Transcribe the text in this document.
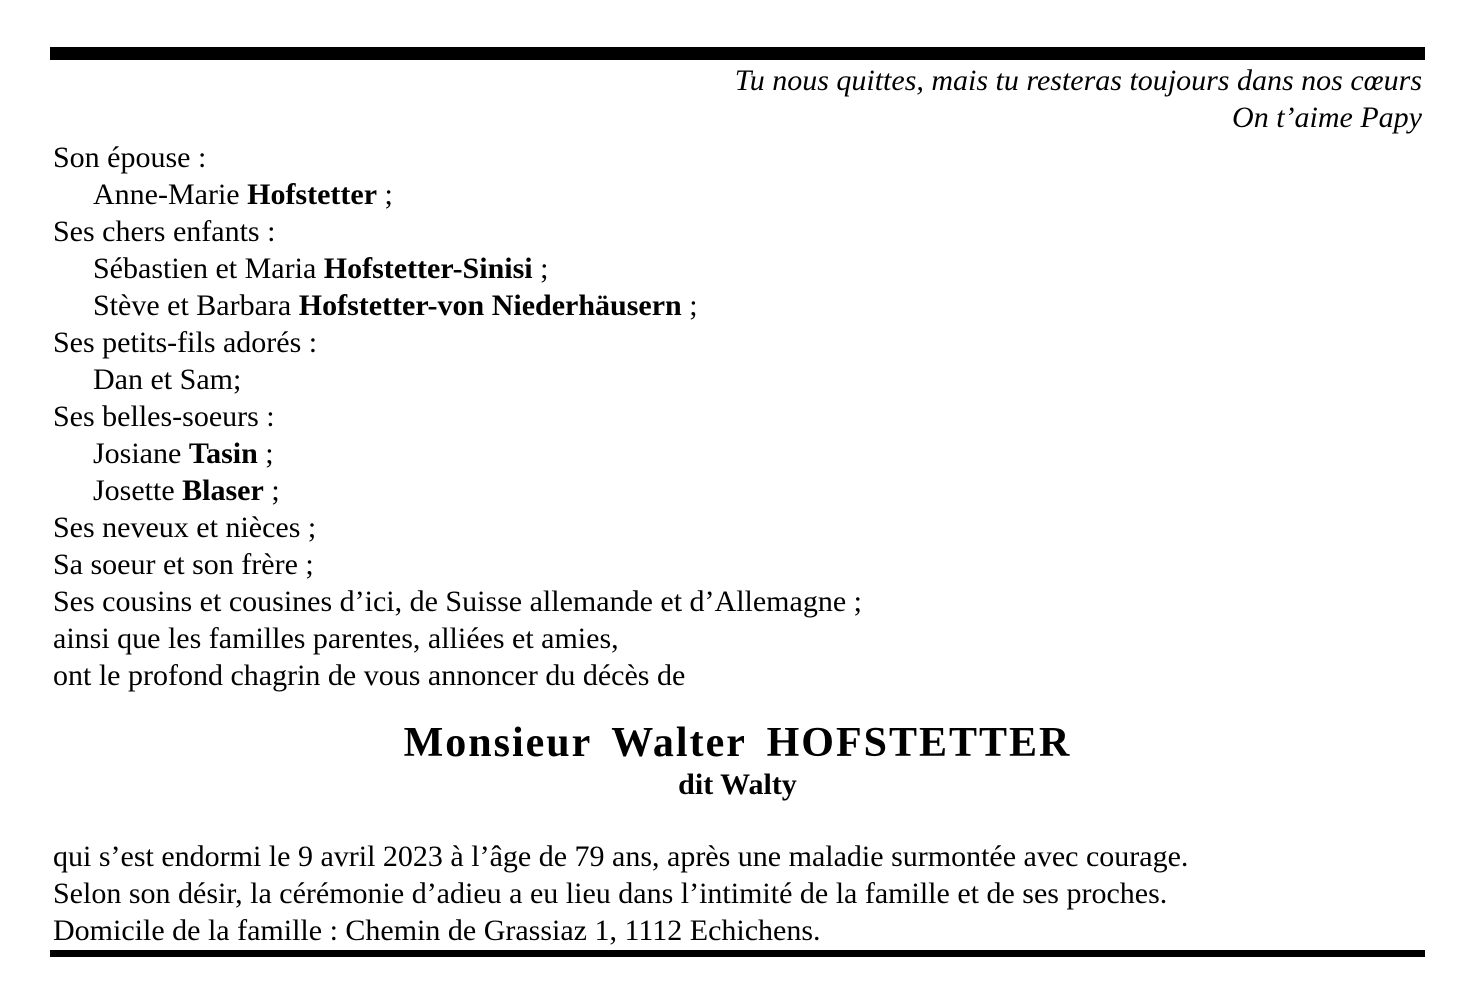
Tu nous quittes, mais tu resteras toujours dans nos cœurs
On t’aime Papy
Son épouse :
Anne-Marie Hofstetter ;
Ses chers enfants :
Sébastien et Maria Hofstetter-Sinisi ;
Stève et Barbara Hofstetter-von Niederhäusern ;
Ses petits-fils adorés :
Dan et Sam;
Ses belles-soeurs :
Josiane Tasin ;
Josette Blaser ;
Ses neveux et nièces ;
Sa soeur et son frère ;
Ses cousins et cousines d’ici, de Suisse allemande et d’Allemagne ;
ainsi que les familles parentes, alliées et amies,
ont le profond chagrin de vous annoncer du décès de
Monsieur Walter HOFSTETTER
dit Walty
qui s’est endormi le 9 avril 2023 à l’âge de 79 ans, après une maladie surmontée avec courage.
Selon son désir, la cérémonie d’adieu a eu lieu dans l’intimité de la famille et de ses proches.
Domicile de la famille : Chemin de Grassiaz 1, 1112 Echichens.
